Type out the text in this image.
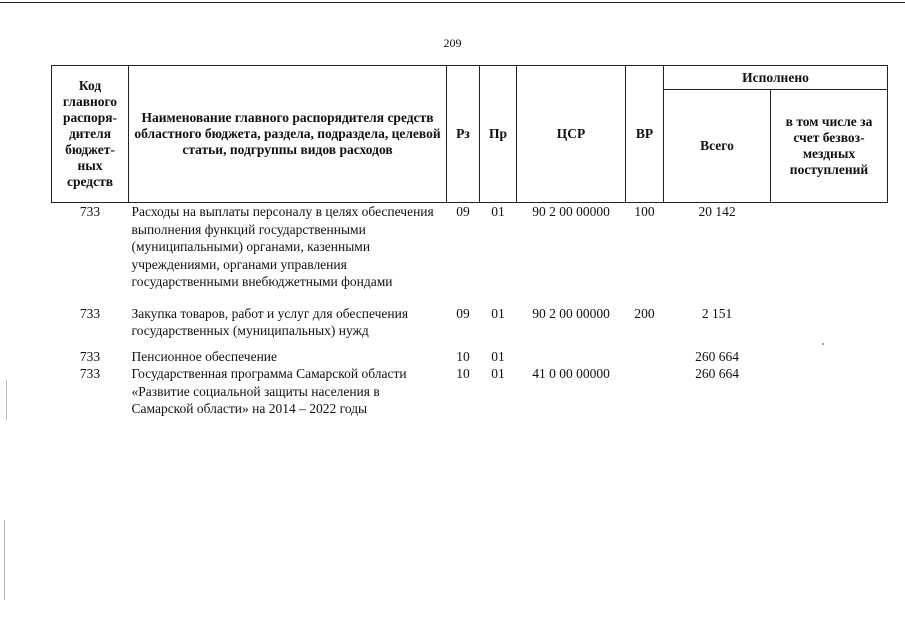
209
Код главного распоря-дителя бюджет-ных средств	Наименование главного распорядителя средств областного бюджета, раздела, подраздела, целевой статьи, подгруппы видов расходов	Рз	Пр	ЦСР	ВР	Исполнено	
						Всего	в том числе за счет безвоз-мездных поступлений
733	Расходы на выплаты персоналу в целях обеспечения выполнения функций государственными (муниципальными) органами, казенными учреждениями, органами управления государственными внебюджетными фондами	09	01	90 2 00 00000	100	20 142	

733	Закупка товаров, работ и услуг для обеспечения государственных (муниципальных) нужд	09	01	90 2 00 00000	200	2 151	

733	Пенсионное обеспечение	10	01			260 664	
733	Государственная программа Самарской области «Развитие социальной защиты населения в Самарской области» на 2014 – 2022 годы	10	01	41 0 00 00000		260 664	
